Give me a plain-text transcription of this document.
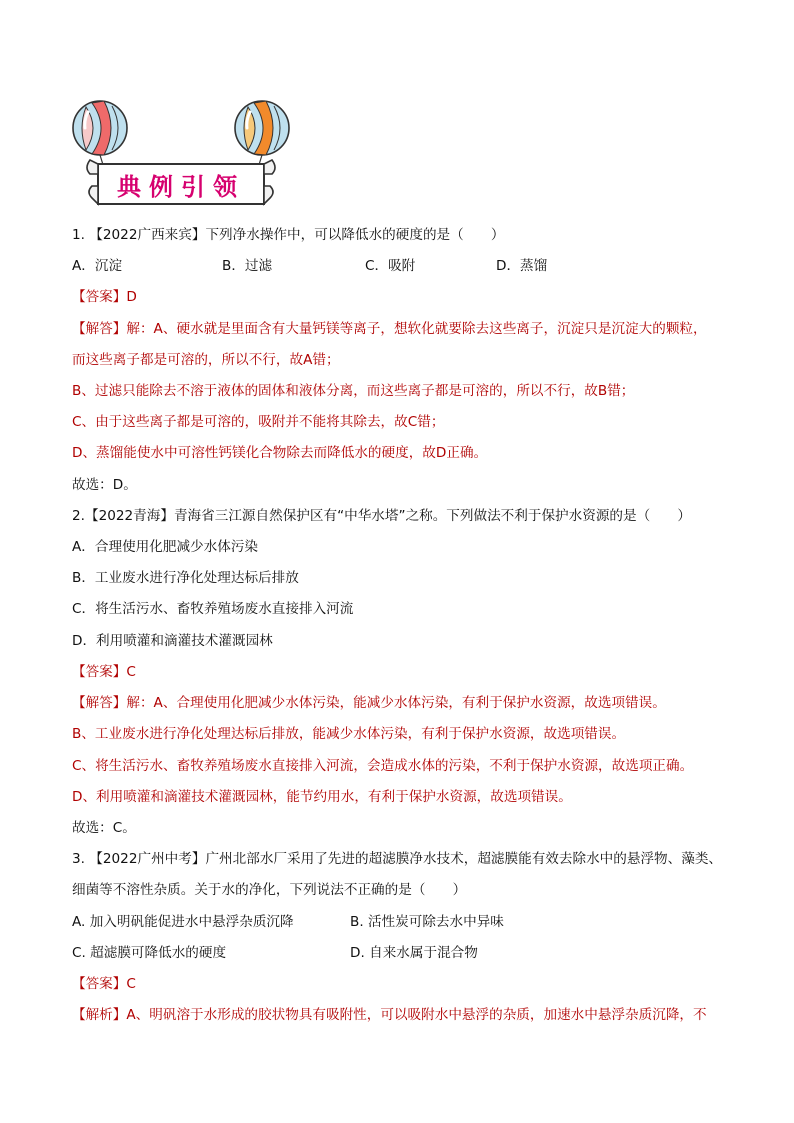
典例引领
1. 【2022广西来宾】下列净水操作中，可以降低水的硬度的是（　　）
A．沉淀	B．过滤	C．吸附	D．蒸馏
【答案】D
【解答】解：A、硬水就是里面含有大量钙镁等离子，想软化就要除去这些离子，沉淀只是沉淀大的颗粒，
而这些离子都是可溶的，所以不行，故A错；
B、过滤只能除去不溶于液体的固体和液体分离，而这些离子都是可溶的，所以不行，故B错；
C、由于这些离子都是可溶的，吸附并不能将其除去，故C错；
D、蒸馏能使水中可溶性钙镁化合物除去而降低水的硬度，故D正确。
故选：D。
2.【2022青海】青海省三江源自然保护区有“中华水塔”之称。下列做法不利于保护水资源的是（　　）
A．合理使用化肥减少水体污染
B．工业废水进行净化处理达标后排放
C．将生活污水、畜牧养殖场废水直接排入河流
D．利用喷灌和滴灌技术灌溉园林
【答案】C
【解答】解：A、合理使用化肥减少水体污染，能减少水体污染，有利于保护水资源，故选项错误。
B、工业废水进行净化处理达标后排放，能减少水体污染，有利于保护水资源，故选项错误。
C、将生活污水、畜牧养殖场废水直接排入河流，会造成水体的污染，不利于保护水资源，故选项正确。
D、利用喷灌和滴灌技术灌溉园林，能节约用水，有利于保护水资源，故选项错误。
故选：C。
3. 【2022广州中考】广州北部水厂采用了先进的超滤膜净水技术，超滤膜能有效去除水中的悬浮物、藻类、
细菌等不溶性杂质。关于水的净化，下列说法不正确的是（　　）
A. 加入明矾能促进水中悬浮杂质沉降	B. 活性炭可除去水中异味
C. 超滤膜可降低水的硬度	D. 自来水属于混合物
【答案】C
【解析】A、明矾溶于水形成的胶状物具有吸附性，可以吸附水中悬浮的杂质，加速水中悬浮杂质沉降，不
